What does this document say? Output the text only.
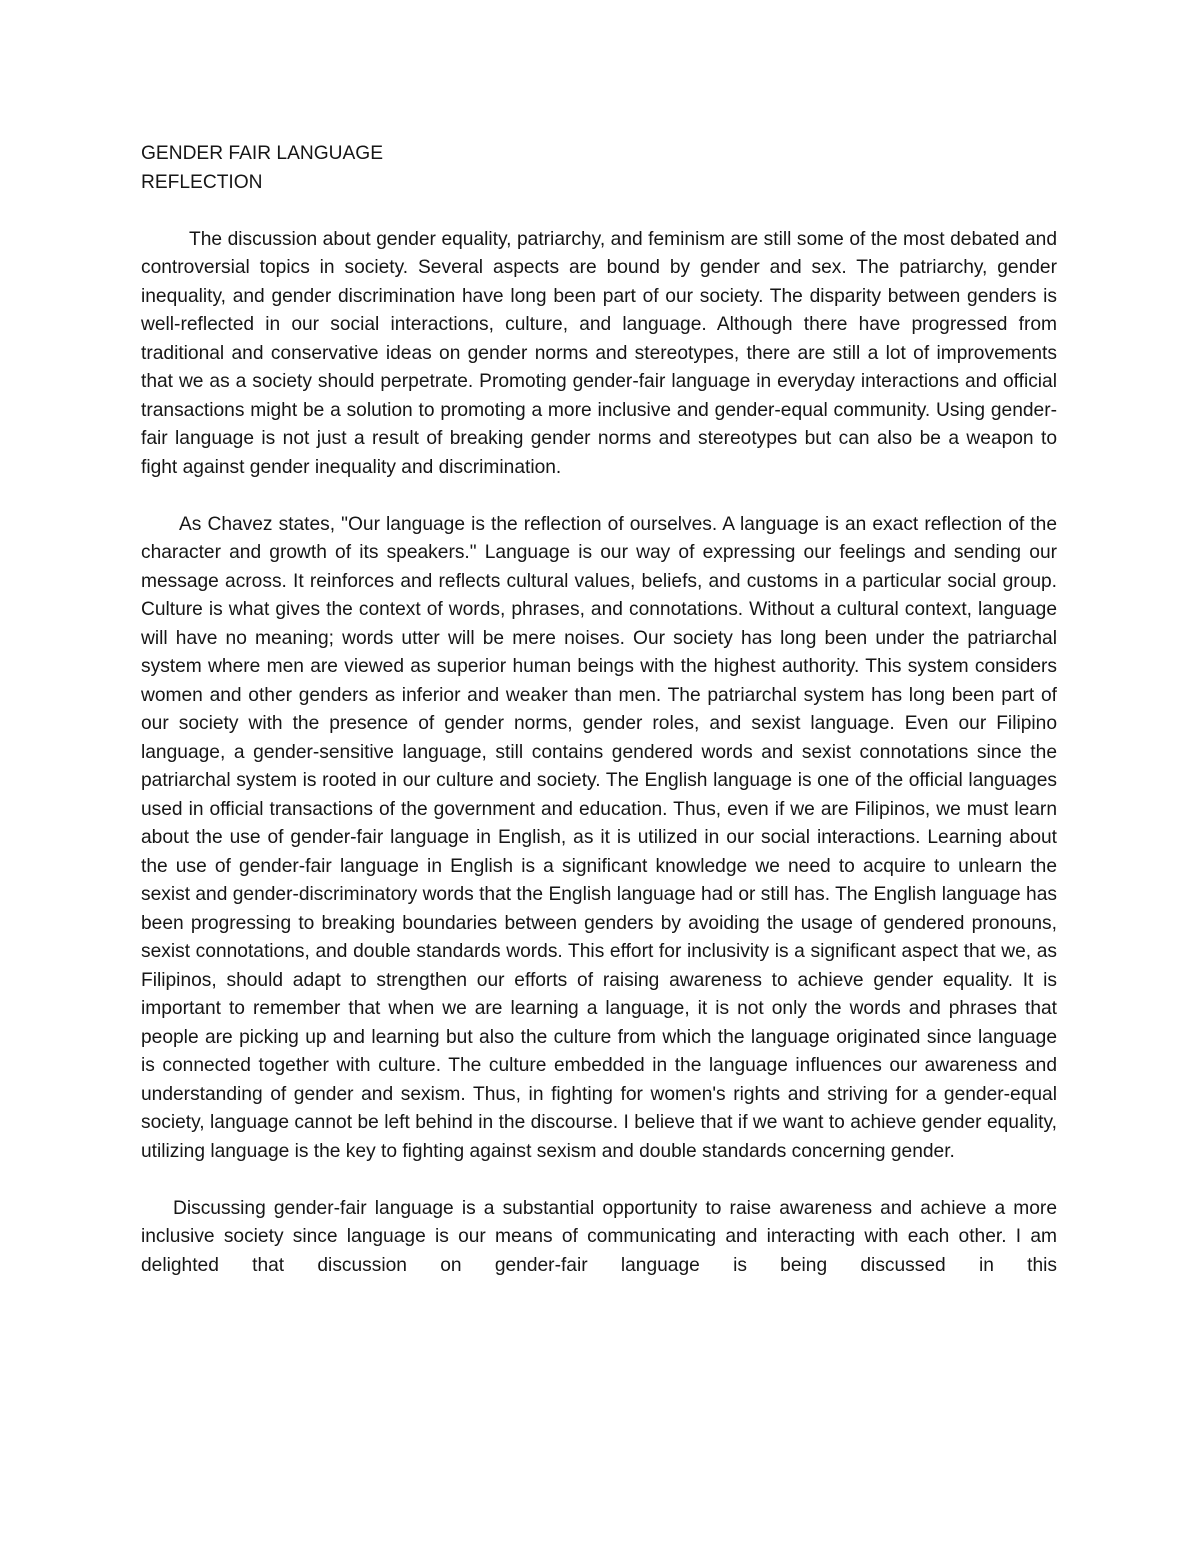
GENDER FAIR LANGUAGE
REFLECTION

The discussion about gender equality, patriarchy, and feminism are still some of the most debated and controversial topics in society. Several aspects are bound by gender and sex. The patriarchy, gender inequality, and gender discrimination have long been part of our society. The disparity between genders is well-reflected in our social interactions, culture, and language. Although there have progressed from traditional and conservative ideas on gender norms and stereotypes, there are still a lot of improvements that we as a society should perpetrate. Promoting gender-fair language in everyday interactions and official transactions might be a solution to promoting a more inclusive and gender-equal community. Using gender-fair language is not just a result of breaking gender norms and stereotypes but can also be a weapon to fight against gender inequality and discrimination.

As Chavez states, "Our language is the reflection of ourselves. A language is an exact reflection of the character and growth of its speakers." Language is our way of expressing our feelings and sending our message across. It reinforces and reflects cultural values, beliefs, and customs in a particular social group. Culture is what gives the context of words, phrases, and connotations. Without a cultural context, language will have no meaning; words utter will be mere noises. Our society has long been under the patriarchal system where men are viewed as superior human beings with the highest authority. This system considers women and other genders as inferior and weaker than men. The patriarchal system has long been part of our society with the presence of gender norms, gender roles, and sexist language. Even our Filipino language, a gender-sensitive language, still contains gendered words and sexist connotations since the patriarchal system is rooted in our culture and society. The English language is one of the official languages used in official transactions of the government and education. Thus, even if we are Filipinos, we must learn about the use of gender-fair language in English, as it is utilized in our social interactions. Learning about the use of gender-fair language in English is a significant knowledge we need to acquire to unlearn the sexist and gender-discriminatory words that the English language had or still has. The English language has been progressing to breaking boundaries between genders by avoiding the usage of gendered pronouns, sexist connotations, and double standards words. This effort for inclusivity is a significant aspect that we, as Filipinos, should adapt to strengthen our efforts of raising awareness to achieve gender equality. It is important to remember that when we are learning a language, it is not only the words and phrases that people are picking up and learning but also the culture from which the language originated since language is connected together with culture. The culture embedded in the language influences our awareness and understanding of gender and sexism. Thus, in fighting for women's rights and striving for a gender-equal society, language cannot be left behind in the discourse. I believe that if we want to achieve gender equality, utilizing language is the key to fighting against sexism and double standards concerning gender.

Discussing gender-fair language is a substantial opportunity to raise awareness and achieve a more inclusive society since language is our means of communicating and interacting with each other. I am delighted that discussion on gender-fair language is being discussed in this
